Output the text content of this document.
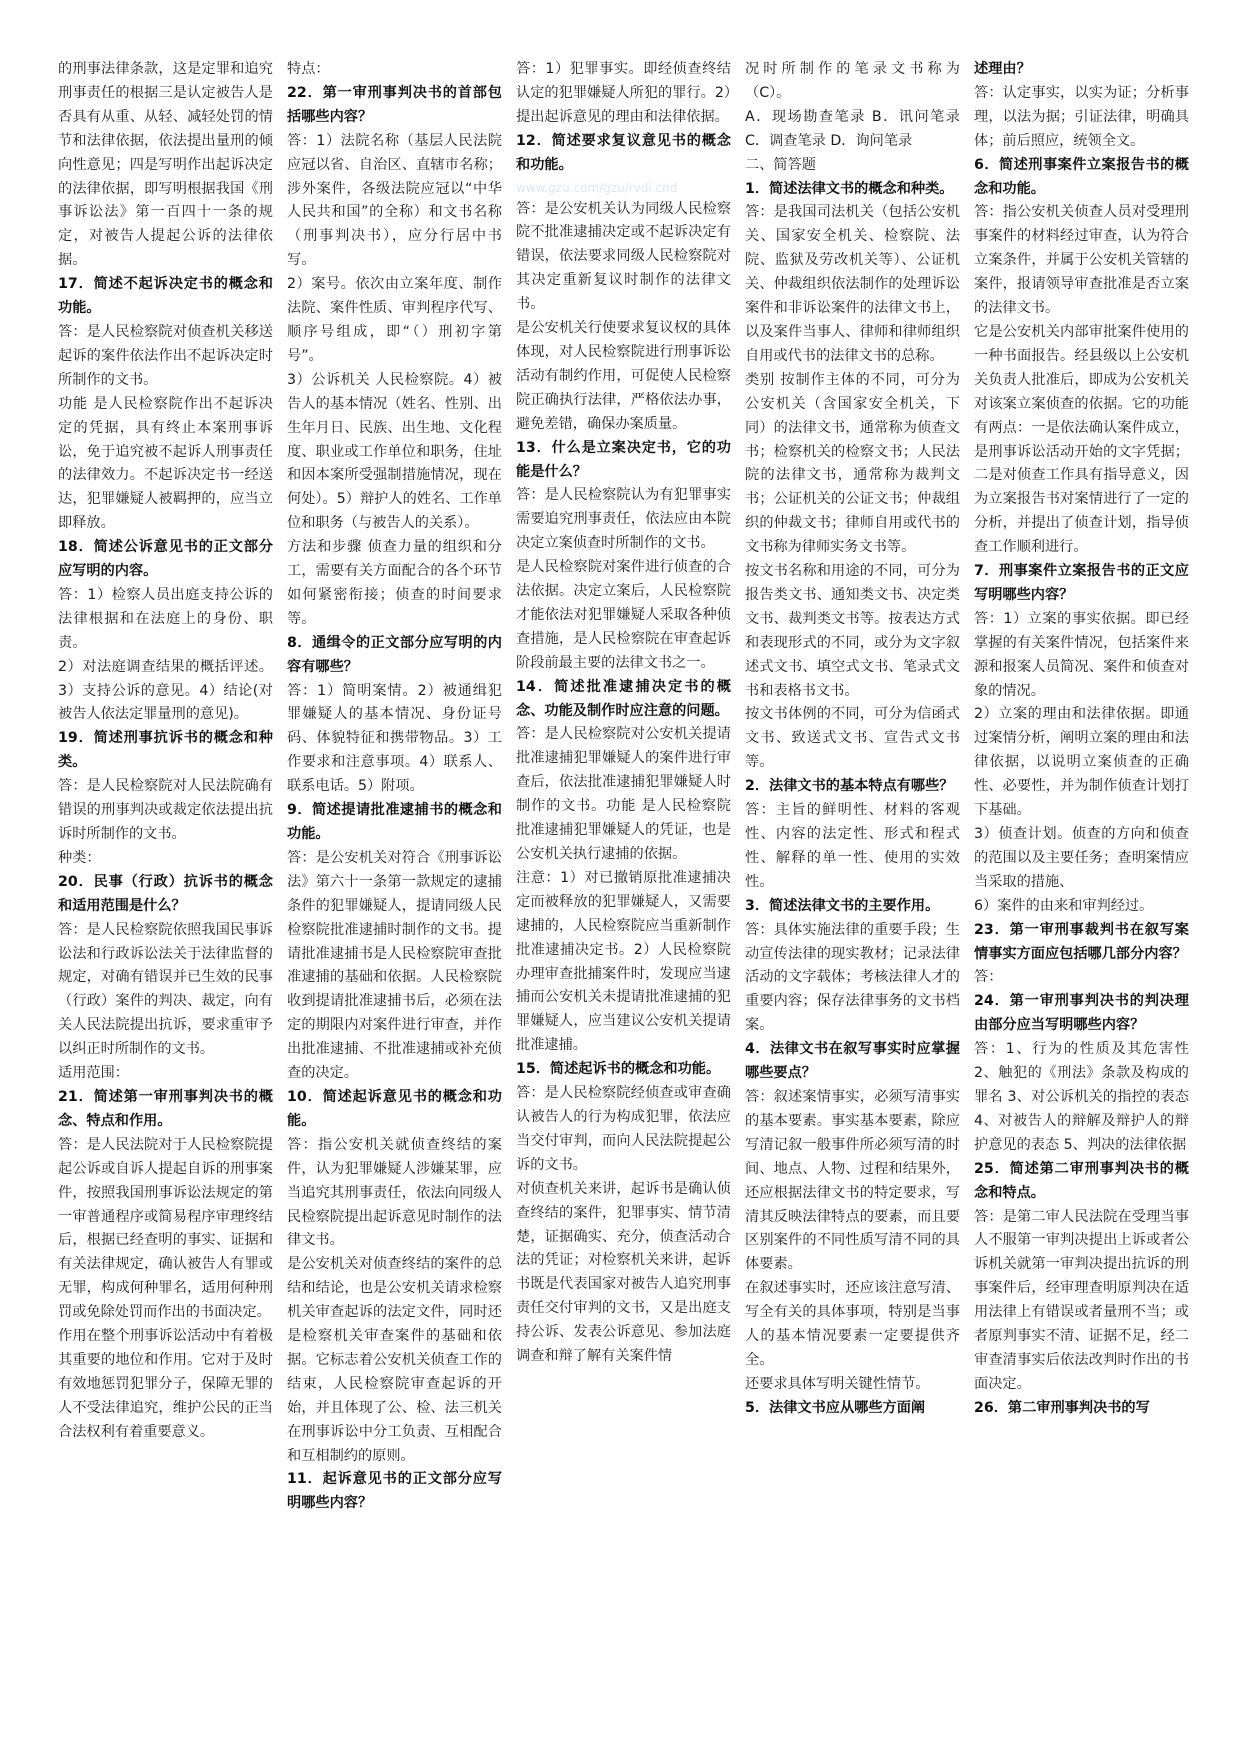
的刑事法律条款，这是定罪和追究刑事责任的根据三是认定被告人是否具有从重、从轻、减轻处罚的情节和法律依据，依法提出量刑的倾向性意见；四是写明作出起诉决定的法律依据，即写明根据我国《刑事诉讼法》第一百四十一条的规定，对被告人提起公诉的法律依据。

17．简述不起诉决定书的概念和功能。

答：是人民检察院对侦查机关移送起诉的案件依法作出不起诉决定时所制作的文书。

功能 是人民检察院作出不起诉决定的凭据，具有终止本案刑事诉讼，免于追究被不起诉人刑事责任的法律效力。不起诉决定书一经送达，犯罪嫌疑人被羁押的，应当立即释放。

18．简述公诉意见书的正文部分应写明的内容。

答：1）检察人员出庭支持公诉的法律根据和在法庭上的身份、职责。

2）对法庭调查结果的概括评述。3）支持公诉的意见。4）结论(对被告人依法定罪量刑的意见)。

19．简述刑事抗诉书的概念和种类。

答：是人民检察院对人民法院确有错误的刑事判决或裁定依法提出抗诉时所制作的文书。

种类：

20．民事（行政）抗诉书的概念和适用范围是什么？

答：是人民检察院依照我国民事诉讼法和行政诉讼法关于法律监督的规定，对确有错误并已生效的民事（行政）案件的判决、裁定，向有关人民法院提出抗诉，要求重审予以纠正时所制作的文书。

适用范围：

21．简述第一审刑事判决书的概念、特点和作用。

答：是人民法院对于人民检察院提起公诉或自诉人提起自诉的刑事案件，按照我国刑事诉讼法规定的第一审普通程序或简易程序审理终结后，根据已经查明的事实、证据和有关法律规定，确认被告人有罪或无罪，构成何种罪名，适用何种刑罚或免除处罚而作出的书面决定。

作用在整个刑事诉讼活动中有着极其重要的地位和作用。它对于及时有效地惩罚犯罪分子，保障无罪的人不受法律追究，维护公民的正当合法权利有着重要意义。

特点：

22．第一审刑事判决书的首部包括哪些内容？

答：1）法院名称（基层人民法院应冠以省、自治区、直辖市名称；涉外案件，各级法院应冠以“中华人民共和国”的全称）和文书名称（刑事判决书），应分行居中书写。

2）案号。依次由立案年度、制作法院、案件性质、审判程序代写、顺序号组成，即“（）刑初字第 号”。

3）公诉机关 人民检察院。4）被告人的基本情况（姓名、性别、出生年月日、民族、出生地、文化程度、职业或工作单位和职务，住址和因本案所受强制措施情况，现在何处）。5）辩护人的姓名、工作单位和职务（与被告人的关系）。

方法和步骤 侦查力量的组织和分工，需要有关方面配合的各个环节如何紧密衔接；侦查的时间要求等。

8．通缉令的正文部分应写明的内容有哪些？

答：1）简明案情。2）被通缉犯罪嫌疑人的基本情况、身份证号码、体貌特征和携带物品。3）工作要求和注意事项。4）联系人、联系电话。5）附项。

9．简述提请批准逮捕书的概念和功能。

答：是公安机关对符合《刑事诉讼法》第六十一条第一款规定的逮捕条件的犯罪嫌疑人，提请同级人民检察院批准逮捕时制作的文书。提请批准逮捕书是人民检察院审查批准逮捕的基础和依据。人民检察院收到提请批准逮捕书后，必须在法定的期限内对案件进行审查，并作出批准逮捕、不批准逮捕或补充侦查的决定。

10．简述起诉意见书的概念和功能。

答：指公安机关就侦查终结的案件，认为犯罪嫌疑人涉嫌某罪，应当追究其刑事责任，依法向同级人民检察院提出起诉意见时制作的法律文书。

是公安机关对侦查终结的案件的总结和结论，也是公安机关请求检察机关审查起诉的法定文件，同时还是检察机关审查案件的基础和依据。它标志着公安机关侦查工作的结束，人民检察院审查起诉的开始，并且体现了公、检、法三机关在刑事诉讼中分工负责、互相配合和互相制约的原则。

11．起诉意见书的正文部分应写明哪些内容？

答：1）犯罪事实。即经侦查终结认定的犯罪嫌疑人所犯的罪行。2）提出起诉意见的理由和法律依据。

12．简述要求复议意见书的概念和功能。

www.gzu.com/gzu/rvdi.cnd

答：是公安机关认为同级人民检察院不批准逮捕决定或不起诉决定有错误，依法要求同级人民检察院对其决定重新复议时制作的法律文书。

是公安机关行使要求复议权的具体体现，对人民检察院进行刑事诉讼活动有制约作用，可促使人民检察院正确执行法律，严格依法办事，避免差错，确保办案质量。

13．什么是立案决定书，它的功能是什么？

答：是人民检察院认为有犯罪事实需要追究刑事责任，依法应由本院决定立案侦查时所制作的文书。

是人民检察院对案件进行侦查的合法依据。决定立案后，人民检察院才能依法对犯罪嫌疑人采取各种侦查措施，是人民检察院在审查起诉阶段前最主要的法律文书之一。

14．简述批准逮捕决定书的概念、功能及制作时应注意的问题。

答：是人民检察院对公安机关提请批准逮捕犯罪嫌疑人的案件进行审查后，依法批准逮捕犯罪嫌疑人时制作的文书。功能 是人民检察院批准逮捕犯罪嫌疑人的凭证，也是公安机关执行逮捕的依据。

注意：1）对已撤销原批准逮捕决定而被释放的犯罪嫌疑人，又需要逮捕的，人民检察院应当重新制作批准逮捕决定书。2）人民检察院办理审查批捕案件时，发现应当逮捕而公安机关未提请批准逮捕的犯罪嫌疑人，应当建议公安机关提请批准逮捕。

15．简述起诉书的概念和功能。

答：是人民检察院经侦查或审查确认被告人的行为构成犯罪，依法应当交付审判，而向人民法院提起公诉的文书。

对侦查机关来讲，起诉书是确认侦查终结的案件，犯罪事实、情节清楚，证据确实、充分，侦查活动合法的凭证；对检察机关来讲，起诉书既是代表国家对被告人追究刑事责任交付审判的文书，又是出庭支持公诉、发表公诉意见、参加法庭调查和辩了解有关案件情

况时所制作的笔录文书称为（C）。

A．现场勘查笔录 B．讯问笔录 C．调查笔录 D．询问笔录

二、简答题

1．简述法律文书的概念和种类。

答：是我国司法机关（包括公安机关、国家安全机关、检察院、法院、监狱及劳改机关等）、公证机关、仲裁组织依法制作的处理诉讼案件和非诉讼案件的法律文书上，以及案件当事人、律师和律师组织自用或代书的法律文书的总称。

类别 按制作主体的不同，可分为公安机关（含国家安全机关，下同）的法律文书，通常称为侦查文书；检察机关的检察文书；人民法院的法律文书，通常称为裁判文书；公证机关的公证文书；仲裁组织的仲裁文书；律师自用或代书的文书称为律师实务文书等。

按文书名称和用途的不同，可分为报告类文书、通知类文书、决定类文书、裁判类文书等。按表达方式和表现形式的不同，或分为文字叙述式文书、填空式文书、笔录式文书和表格书文书。

按文书体例的不同，可分为信函式文书、致送式文书、宣告式文书等。

2．法律文书的基本特点有哪些？

答：主旨的鲜明性、材料的客观性、内容的法定性、形式和程式性、解释的单一性、使用的实效性。

3．简述法律文书的主要作用。

答：具体实施法律的重要手段；生动宣传法律的现实教材；记录法律活动的文字载体；考核法律人才的重要内容；保存法律事务的文书档案。

4．法律文书在叙写事实时应掌握哪些要点？

答：叙述案情事实，必须写清事实的基本要素。事实基本要素，除应写清记叙一般事件所必须写清的时间、地点、人物、过程和结果外，还应根据法律文书的特定要求，写清其反映法律特点的要素，而且要区别案件的不同性质写清不同的具体要素。

在叙述事实时，还应该注意写清、写全有关的具体事项，特别是当事人的基本情况要素一定要提供齐全。

还要求具体写明关键性情节。

5．法律文书应从哪些方面阐

述理由？

答：认定事实，以实为证；分析事理，以法为据；引证法律，明确具体；前后照应，统领全文。

6．简述刑事案件立案报告书的概念和功能。

答：指公安机关侦查人员对受理刑事案件的材料经过审查，认为符合立案条件，并属于公安机关管辖的案件，报请领导审查批准是否立案的法律文书。

它是公安机关内部审批案件使用的一种书面报告。经县级以上公安机关负责人批准后，即成为公安机关对该案立案侦查的依据。它的功能有两点：一是依法确认案件成立，是刑事诉讼活动开始的文字凭据；二是对侦查工作具有指导意义，因为立案报告书对案情进行了一定的分析，并提出了侦查计划，指导侦查工作顺利进行。

7．刑事案件立案报告书的正文应写明哪些内容？

答：1）立案的事实依据。即已经掌握的有关案件情况，包括案件来源和报案人员简况、案件和侦查对象的情况。

2）立案的理由和法律依据。即通过案情分析，阐明立案的理由和法律依据，以说明立案侦查的正确性、必要性，并为制作侦查计划打下基础。

3）侦查计划。侦查的方向和侦查的范围以及主要任务；查明案情应当采取的措施、

6）案件的由来和审判经过。

23．第一审刑事裁判书在叙写案情事实方面应包括哪几部分内容？

答：

24．第一审刑事判决书的判决理由部分应当写明哪些内容？

答：1、行为的性质及其危害性 2、触犯的《刑法》条款及构成的罪名 3、对公诉机关的指控的表态 4、对被告人的辩解及辩护人的辩护意见的表态 5、判决的法律依据

25．简述第二审刑事判决书的概念和特点。

答：是第二审人民法院在受理当事人不服第一审判决提出上诉或者公诉机关就第一审判决提出抗诉的刑事案件后，经审理查明原判决在适用法律上有错误或者量刑不当；或者原判事实不清、证据不足，经二审查清事实后依法改判时作出的书面决定。

26．第二审刑事判决书的写
